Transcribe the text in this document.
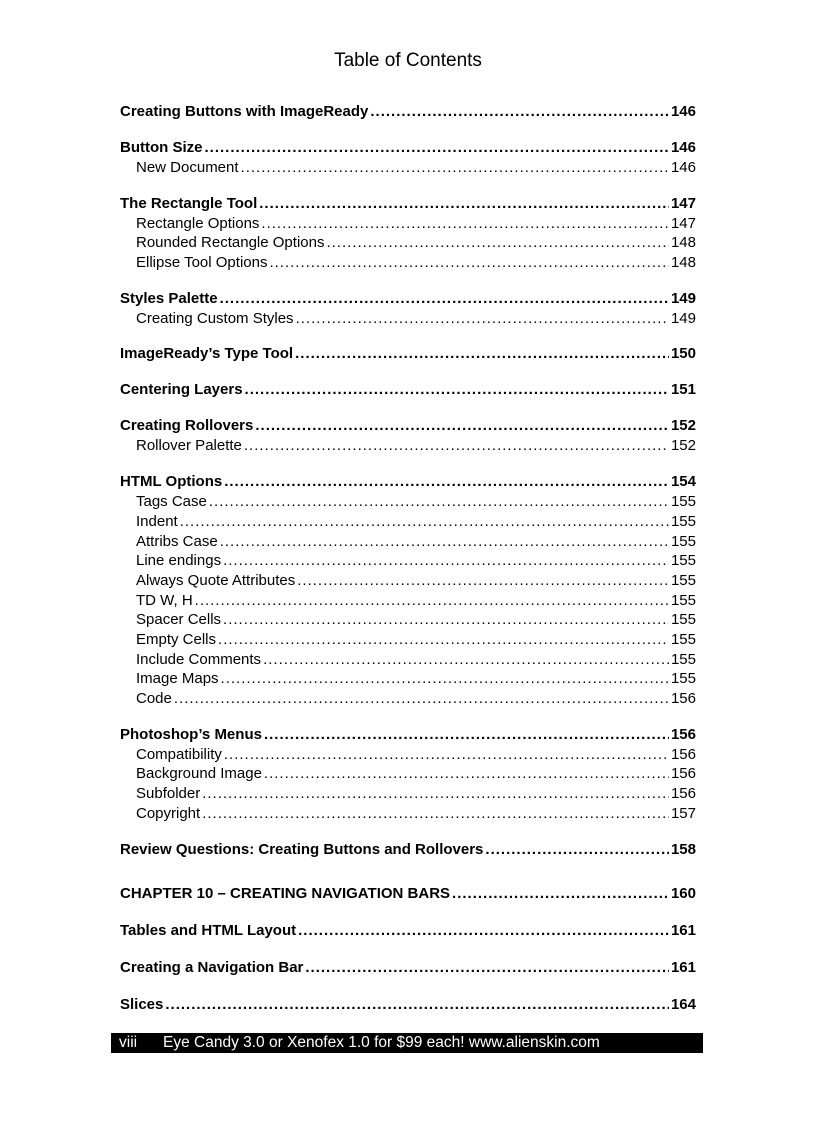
Table of Contents
Creating Buttons with ImageReady .....	146
Button Size .....	146
New Document .....	146
The Rectangle Tool .....	147
Rectangle Options .....	147
Rounded Rectangle Options .....	148
Ellipse Tool Options .....	148
Styles Palette .....	149
Creating Custom Styles .....	149
ImageReady’s Type Tool .....	150
Centering Layers .....	151
Creating Rollovers .....	152
Rollover Palette .....	152
HTML Options .....	154
Tags Case .....	155
Indent .....	155
Attribs Case .....	155
Line endings .....	155
Always Quote Attributes .....	155
TD W, H .....	155
Spacer Cells .....	155
Empty Cells .....	155
Include Comments .....	155
Image Maps .....	155
Code .....	156
Photoshop’s Menus .....	156
Compatibility .....	156
Background Image .....	156
Subfolder .....	156
Copyright .....	157
Review Questions: Creating Buttons and Rollovers .....	158
CHAPTER 10 – CREATING NAVIGATION BARS .....	160
Tables and HTML Layout .....	161
Creating a Navigation Bar .....	161
Slices .....	164
viii	Eye Candy 3.0 or Xenofex 1.0 for $99 each! www.alienskin.com
